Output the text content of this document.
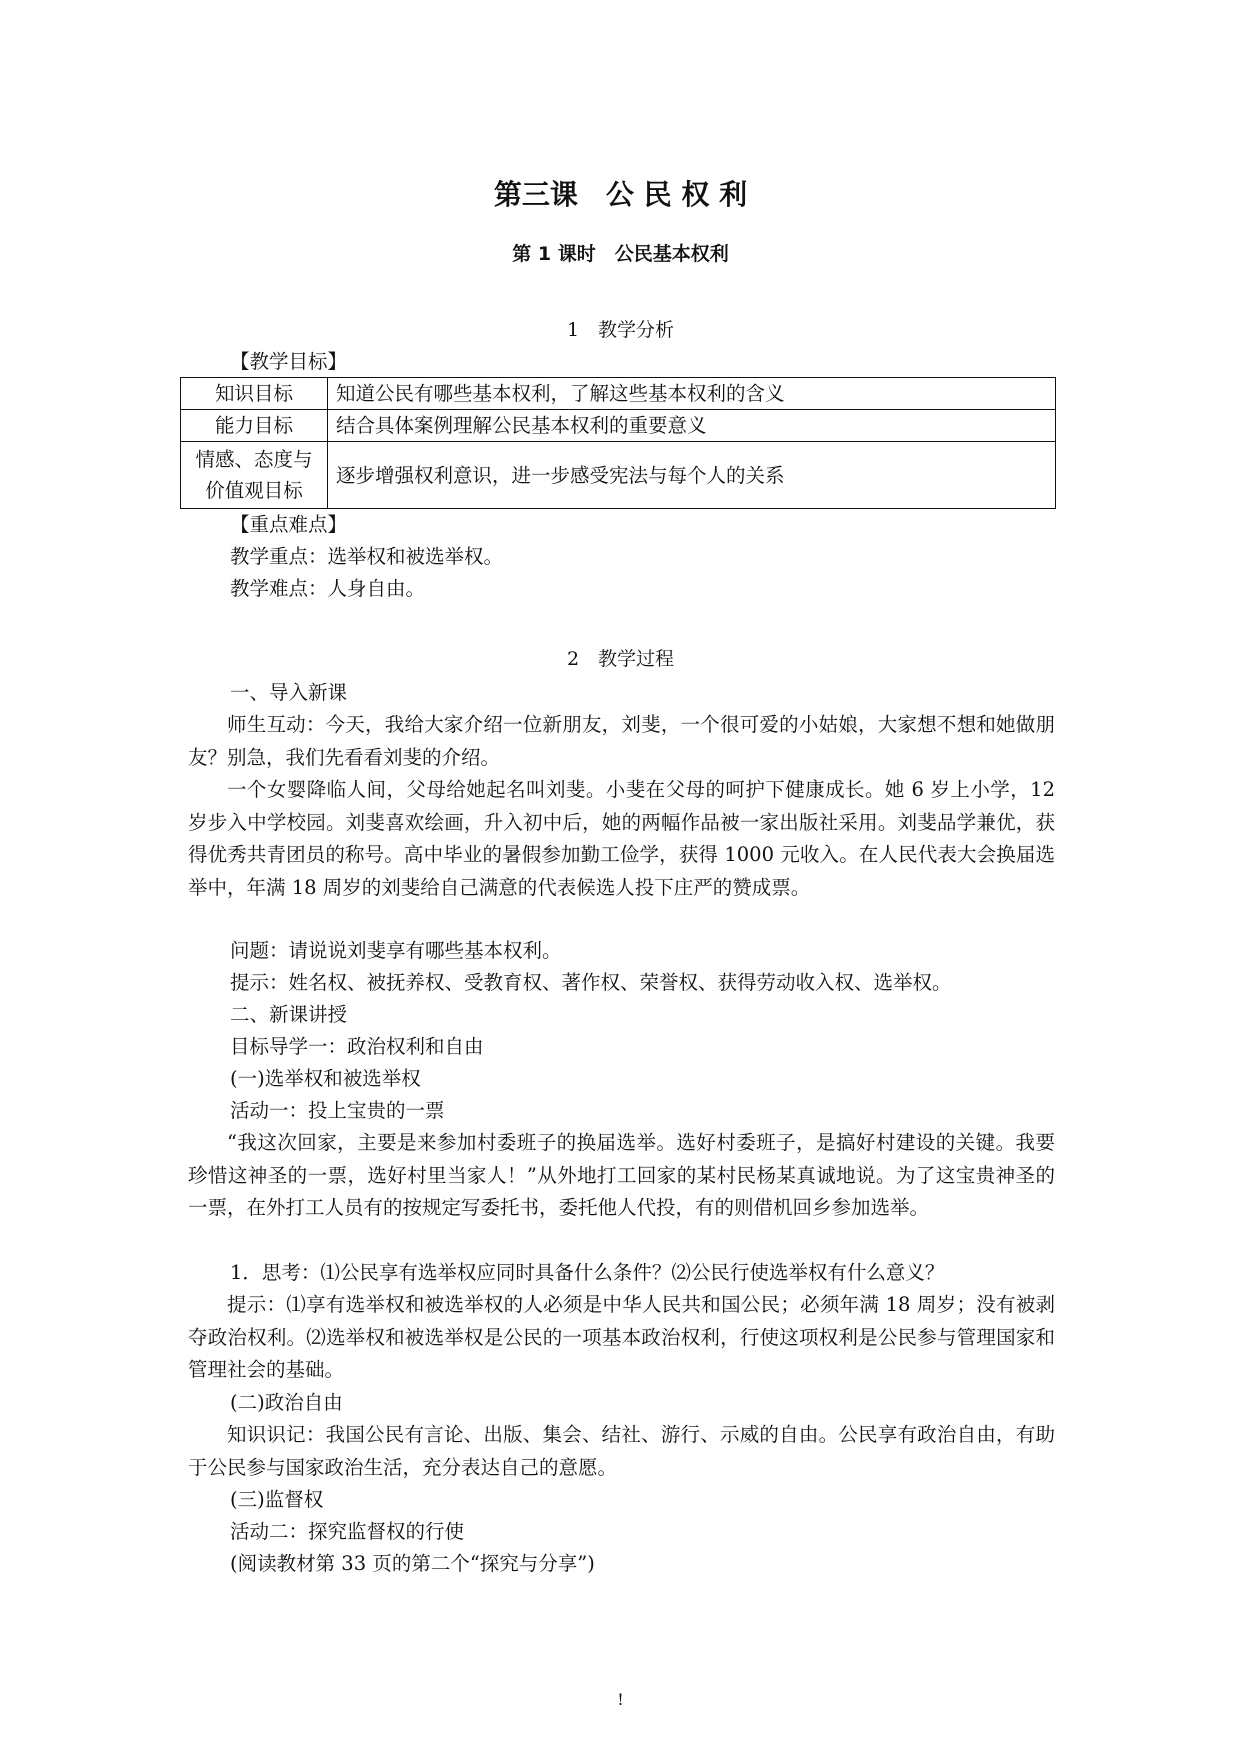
第三课　公 民 权 利
第 1 课时　公民基本权利
1　教学分析
【教学目标】
知识目标	知道公民有哪些基本权利，了解这些基本权利的含义
能力目标	结合具体案例理解公民基本权利的重要意义
情感、态度与
价值观目标	逐步增强权利意识，进一步感受宪法与每个人的关系
【重点难点】
教学重点：选举权和被选举权。
教学难点：人身自由。
2　教学过程
一、导入新课

师生互动：今天，我给大家介绍一位新朋友，刘斐，一个很可爱的小姑娘，大家想不想和她做朋友？别急，我们先看看刘斐的介绍。

一个女婴降临人间，父母给她起名叫刘斐。小斐在父母的呵护下健康成长。她 6 岁上小学，12 岁步入中学校园。刘斐喜欢绘画，升入初中后，她的两幅作品被一家出版社采用。刘斐品学兼优，获得优秀共青团员的称号。高中毕业的暑假参加勤工俭学，获得 1000 元收入。在人民代表大会换届选举中，年满 18 周岁的刘斐给自己满意的代表候选人投下庄严的赞成票。

问题：请说说刘斐享有哪些基本权利。
提示：姓名权、被抚养权、受教育权、著作权、荣誉权、获得劳动收入权、选举权。
二、新课讲授
目标导学一：政治权利和自由
(一)选举权和被选举权
活动一：投上宝贵的一票

“我这次回家，主要是来参加村委班子的换届选举。选好村委班子，是搞好村建设的关键。我要珍惜这神圣的一票，选好村里当家人！”从外地打工回家的某村民杨某真诚地说。为了这宝贵神圣的一票，在外打工人员有的按规定写委托书，委托他人代投，有的则借机回乡参加选举。

1．思考：⑴公民享有选举权应同时具备什么条件？⑵公民行使选举权有什么意义？

提示：⑴享有选举权和被选举权的人必须是中华人民共和国公民；必须年满 18 周岁；没有被剥夺政治权利。⑵选举权和被选举权是公民的一项基本政治权利，行使这项权利是公民参与管理国家和管理社会的基础。

(二)政治自由

知识识记：我国公民有言论、出版、集会、结社、游行、示威的自由。公民享有政治自由，有助于公民参与国家政治生活，充分表达自己的意愿。

(三)监督权
活动二：探究监督权的行使
(阅读教材第 33 页的第二个“探究与分享”)
!
